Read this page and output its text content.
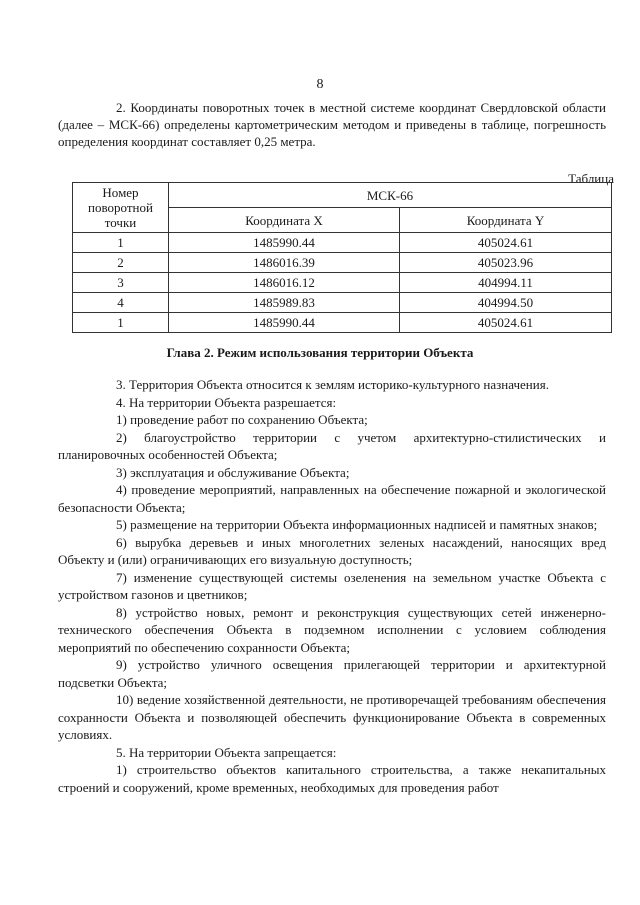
8

2. Координаты поворотных точек в местной системе координат Свердловской области (далее – МСК-66) определены картометрическим методом и приведены в таблице, погрешность определения координат составляет 0,25 метра.

Таблица
Номер поворотной точки	МСК-66	
	Координата X	Координата Y
1	1485990.44	405024.61
2	1486016.39	405023.96
3	1486016.12	404994.11
4	1485989.83	404994.50
1	1485990.44	405024.61
Глава 2. Режим использования территории Объекта

3. Территория Объекта относится к землям историко-культурного назначения.

4. На территории Объекта разрешается:

1) проведение работ по сохранению Объекта;

2) благоустройство территории с учетом архитектурно-стилистических и планировочных особенностей Объекта;

3) эксплуатация и обслуживание Объекта;

4) проведение мероприятий, направленных на обеспечение пожарной и экологической безопасности Объекта;

5) размещение на территории Объекта информационных надписей и памятных знаков;

6) вырубка деревьев и иных многолетних зеленых насаждений, наносящих вред Объекту и (или) ограничивающих его визуальную доступность;

7) изменение существующей системы озеленения на земельном участке Объекта с устройством газонов и цветников;

8) устройство новых, ремонт и реконструкция существующих сетей инженерно-технического обеспечения Объекта в подземном исполнении с условием соблюдения мероприятий по обеспечению сохранности Объекта;

9) устройство уличного освещения прилегающей территории и архитектурной подсветки Объекта;

10) ведение хозяйственной деятельности, не противоречащей требованиям обеспечения сохранности Объекта и позволяющей обеспечить функционирование Объекта в современных условиях.

5. На территории Объекта запрещается:

1) строительство объектов капитального строительства, а также некапитальных строений и сооружений, кроме временных, необходимых для проведения работ
